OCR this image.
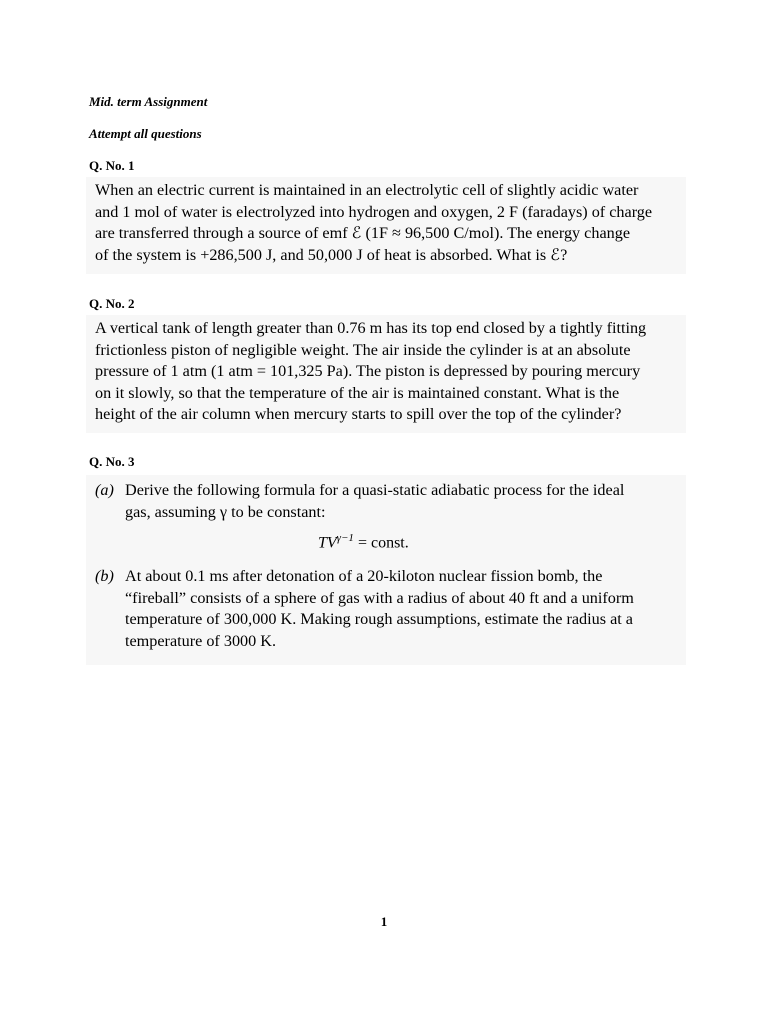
Mid. term Assignment

Attempt all questions

Q. No. 1

When an electric current is maintained in an electrolytic cell of slightly acidic water
and 1 mol of water is electrolyzed into hydrogen and oxygen, 2 F (faradays) of charge
are transferred through a source of emf ℰ (1F ≈ 96,500 C/mol). The energy change
of the system is +286,500 J, and 50,000 J of heat is absorbed. What is ℰ?

Q. No. 2

A vertical tank of length greater than 0.76 m has its top end closed by a tightly fitting
frictionless piston of negligible weight. The air inside the cylinder is at an absolute
pressure of 1 atm (1 atm = 101,325 Pa). The piston is depressed by pouring mercury
on it slowly, so that the temperature of the air is maintained constant. What is the
height of the air column when mercury starts to spill over the top of the cylinder?

Q. No. 3

(a) Derive the following formula for a quasi-static adiabatic process for the ideal
gas, assuming γ to be constant:
$TV^{\gamma-1}$ = const.
(b) At about 0.1 ms after detonation of a 20-kiloton nuclear fission bomb, the
“fireball” consists of a sphere of gas with a radius of about 40 ft and a uniform
temperature of 300,000 K. Making rough assumptions, estimate the radius at a
temperature of 3000 K.
1
